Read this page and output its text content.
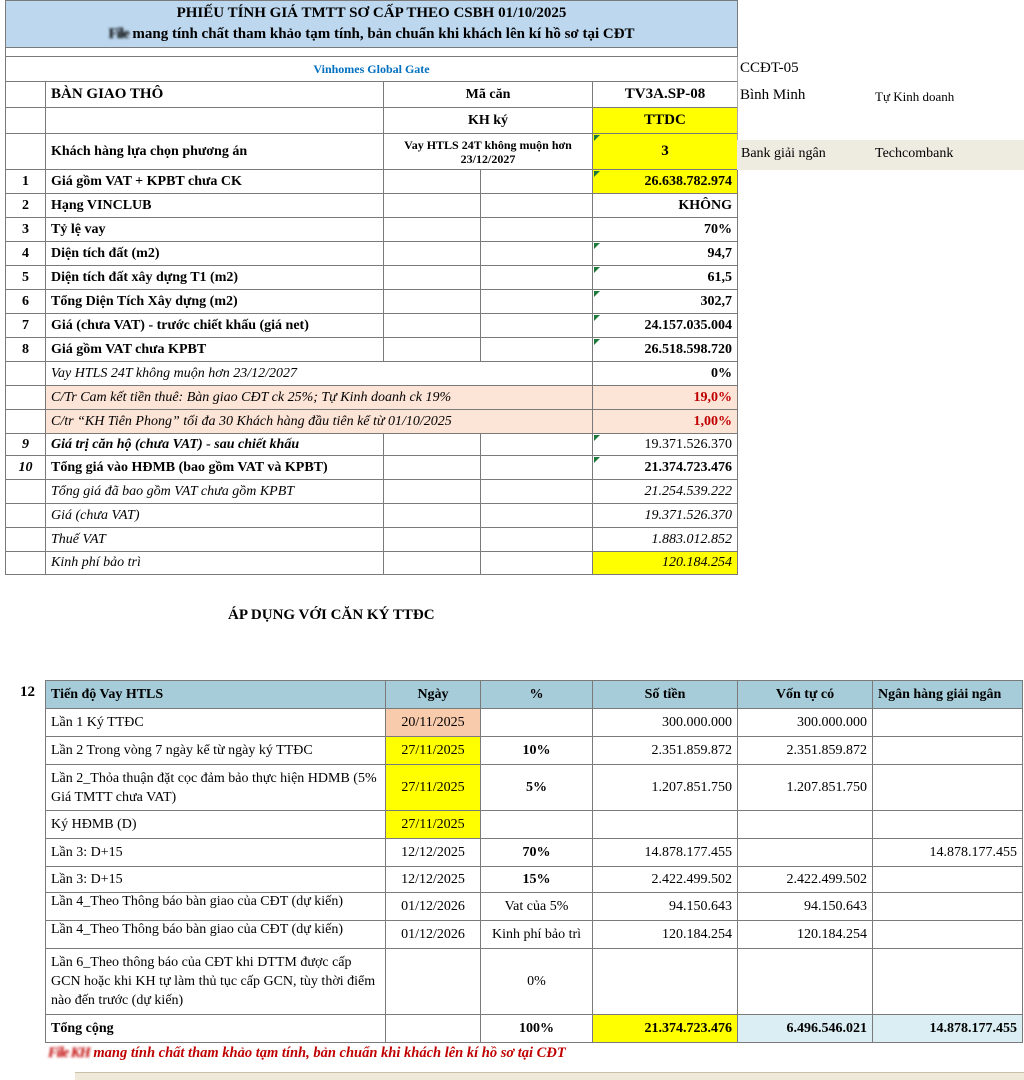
PHIẾU TÍNH GIÁ TMTT SƠ CẤP THEO CSBH 01/10/2025
File mang tính chất tham khảo tạm tính, bản chuẩn khi khách lên kí hồ sơ tại CĐT				

Vinhomes Global Gate				
	BÀN GIAO THÔ	Mã căn		TV3A.SP-08
		KH ký		TTDC
	Khách hàng lựa chọn phương án	Vay HTLS 24T không muộn hơn 23/12/2027		3
1	Giá gồm VAT + KPBT chưa CK			26.638.782.974
2	Hạng VINCLUB			KHÔNG
3	Tỷ lệ vay			70%
4	Diện tích đất (m2)			94,7
5	Diện tích đất xây dựng T1 (m2)			61,5
6	Tổng Diện Tích Xây dựng (m2)			302,7
7	Giá (chưa VAT) - trước chiết khấu (giá net)			24.157.035.004
8	Giá gồm VAT chưa KPBT			26.518.598.720
	Vay HTLS 24T không muộn hơn 23/12/2027			0%
	C/Tr Cam kết tiền thuê: Bàn giao CĐT ck 25%; Tự Kinh doanh ck 19%			19,0%
	C/tr “KH Tiên Phong” tối đa 30 Khách hàng đầu tiên kể từ 01/10/2025			1,00%
9	Giá trị căn hộ (chưa VAT) - sau chiết khấu			19.371.526.370
10	Tổng giá vào HĐMB (bao gồm VAT và KPBT)			21.374.723.476
	Tổng giá đã bao gồm VAT chưa gồm KPBT			21.254.539.222
	Giá (chưa VAT)			19.371.526.370
	Thuế VAT			1.883.012.852
	Kinh phí bảo trì			120.184.254
CCĐT-05
Bình Minh	Tự Kinh doanh
Bank giải ngân	Techcombank
ÁP DỤNG VỚI CĂN KÝ TTĐC
12 Tiến độ Vay HTLS	Ngày	%	Số tiền	Vốn tự có	Ngân hàng giải ngân
Lần 1 Ký TTĐC	20/11/2025		300.000.000	300.000.000	
Lần 2 Trong vòng 7 ngày kể từ ngày ký TTĐC	27/11/2025	10%	2.351.859.872	2.351.859.872	
Lần 2_Thỏa thuận đặt cọc đảm bảo thực hiện HDMB (5% Giá TMTT chưa VAT)	27/11/2025	5%	1.207.851.750	1.207.851.750	
Ký HĐMB (D)	27/11/2025				
Lần 3: D+15	12/12/2025	70%	14.878.177.455		14.878.177.455
Lần 3: D+15	12/12/2025	15%	2.422.499.502	2.422.499.502	

Lần 4_Theo Thông báo bàn giao của CĐT (dự kiến)	01/12/2026	Vat của 5%	94.150.643	94.150.643	

Lần 4_Theo Thông báo bàn giao của CĐT (dự kiến)	01/12/2026	Kinh phí bảo trì	120.184.254	120.184.254	
Lần 6_Theo thông báo của CĐT khi DTTM được cấp GCN hoặc khi KH tự làm thủ tục cấp GCN, tùy thời điểm nào đến trước (dự kiến)		0%			
Tổng cộng		100%	21.374.723.476	6.496.546.021	14.878.177.455
File KH mang tính chất tham khảo tạm tính, bản chuẩn khi khách lên kí hồ sơ tại CĐT
